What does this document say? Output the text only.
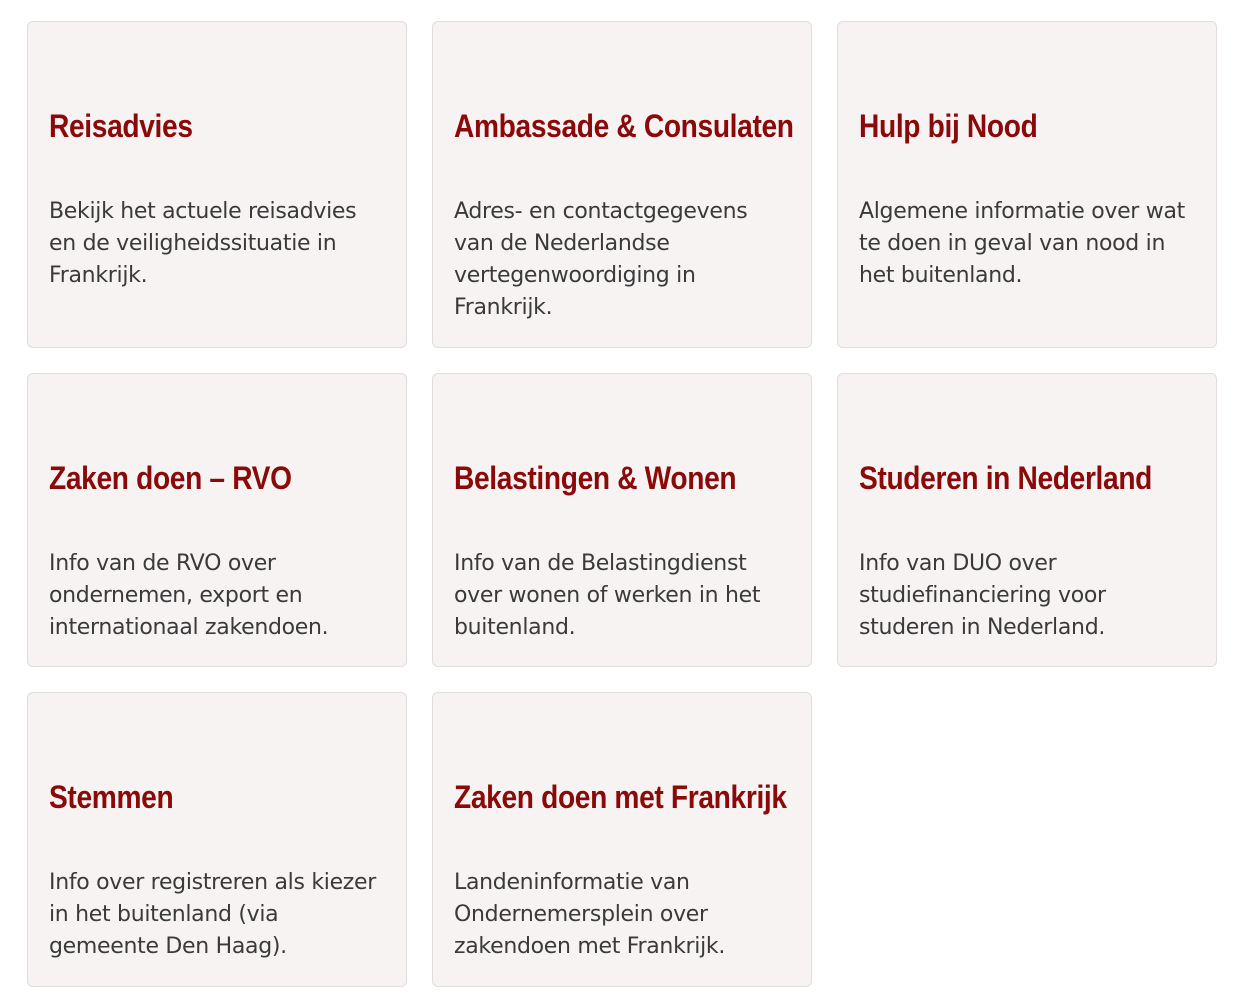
Reisadvies

Bekijk het actuele reisadvies en de veiligheidssituatie in Frankrijk.

Ambassade & Consulaten

Adres- en contactgegevens van de Nederlandse vertegenwoordiging in Frankrijk.

Hulp bij Nood

Algemene informatie over wat te doen in geval van nood in het buitenland.

Zaken doen – RVO

Info van de RVO over ondernemen, export en internationaal zakendoen.

Belastingen & Wonen

Info van de Belastingdienst over wonen of werken in het buitenland.

Studeren in Nederland

Info van DUO over studiefinanciering voor studeren in Nederland.

Stemmen

Info over registreren als kiezer in het buitenland (via gemeente Den Haag).

Zaken doen met Frankrijk

Landeninformatie van Ondernemersplein over zakendoen met Frankrijk.
